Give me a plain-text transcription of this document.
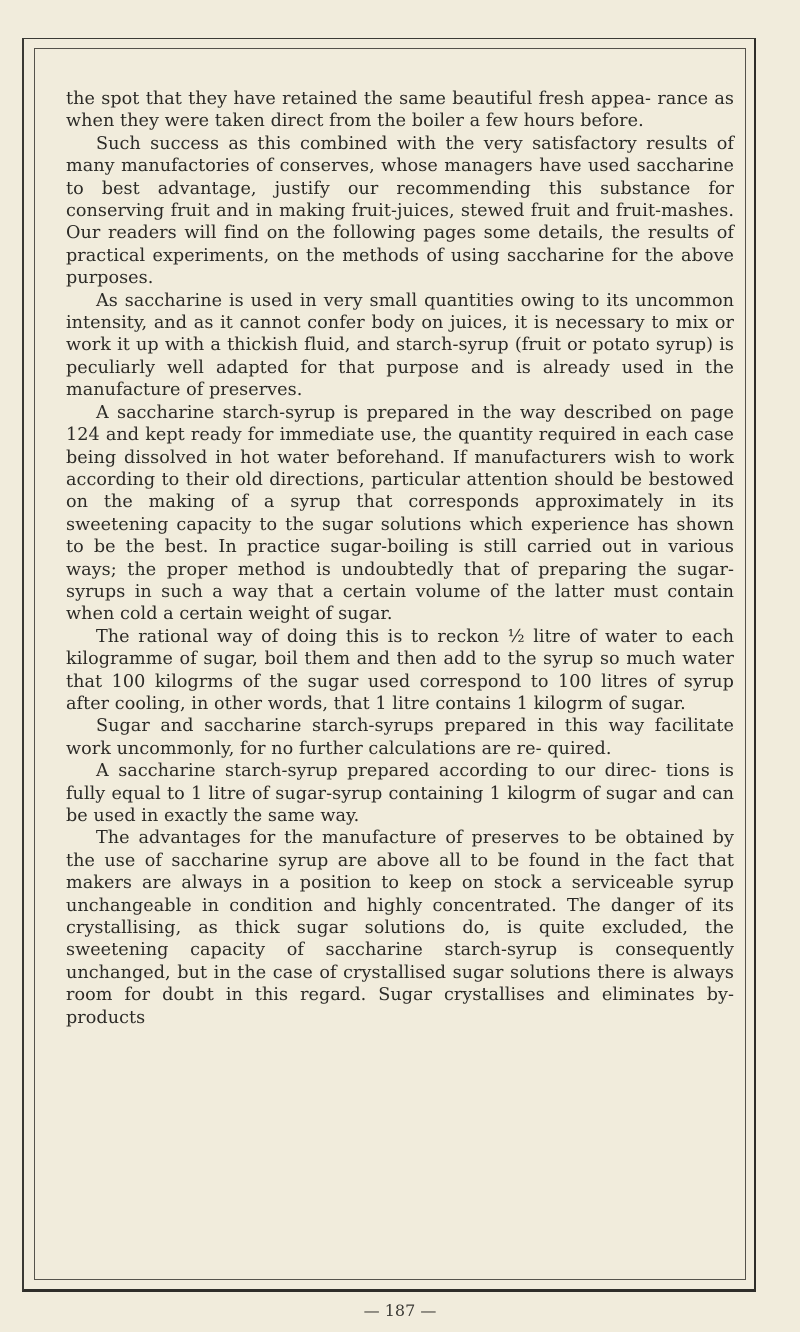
the spot that they have retained the same beautiful fresh appea- rance as when they were taken direct from the boiler a few hours before.

Such success as this combined with the very satisfactory results of many manufactories of conserves, whose managers have used saccharine to best advantage, justify our recommending this substance for conserving fruit and in making fruit-juices, stewed fruit and fruit-mashes. Our readers will find on the following pages some details, the results of practical experiments, on the methods of using saccharine for the above purposes.

As saccharine is used in very small quantities owing to its uncommon intensity, and as it cannot confer body on juices, it is necessary to mix or work it up with a thickish fluid, and starch-syrup (fruit or potato syrup) is peculiarly well adapted for that purpose and is already used in the manufacture of preserves.

A saccharine starch-syrup is prepared in the way described on page 124 and kept ready for immediate use, the quantity required in each case being dissolved in hot water beforehand. If manufacturers wish to work according to their old directions, particular attention should be bestowed on the making of a syrup that corresponds approximately in its sweetening capacity to the sugar solutions which experience has shown to be the best. In practice sugar-boiling is still carried out in various ways; the proper method is undoubtedly that of preparing the sugar-syrups in such a way that a certain volume of the latter must contain when cold a certain weight of sugar.

The rational way of doing this is to reckon ½ litre of water to each kilogramme of sugar, boil them and then add to the syrup so much water that 100 kilogrms of the sugar used correspond to 100 litres of syrup after cooling, in other words, that 1 litre contains 1 kilogrm of sugar.

Sugar and saccharine starch-syrups prepared in this way facilitate work uncommonly, for no further calculations are re- quired.

A saccharine starch-syrup prepared according to our direc- tions is fully equal to 1 litre of sugar-syrup containing 1 kilogrm of sugar and can be used in exactly the same way.

The advantages for the manufacture of preserves to be obtained by the use of saccharine syrup are above all to be found in the fact that makers are always in a position to keep on stock a serviceable syrup unchangeable in condition and highly concentrated. The danger of its crystallising, as thick sugar solutions do, is quite excluded, the sweetening capacity of saccharine starch-syrup is consequently unchanged, but in the case of crystallised sugar solutions there is always room for doubt in this regard. Sugar crystallises and eliminates by-products

— 187 —
